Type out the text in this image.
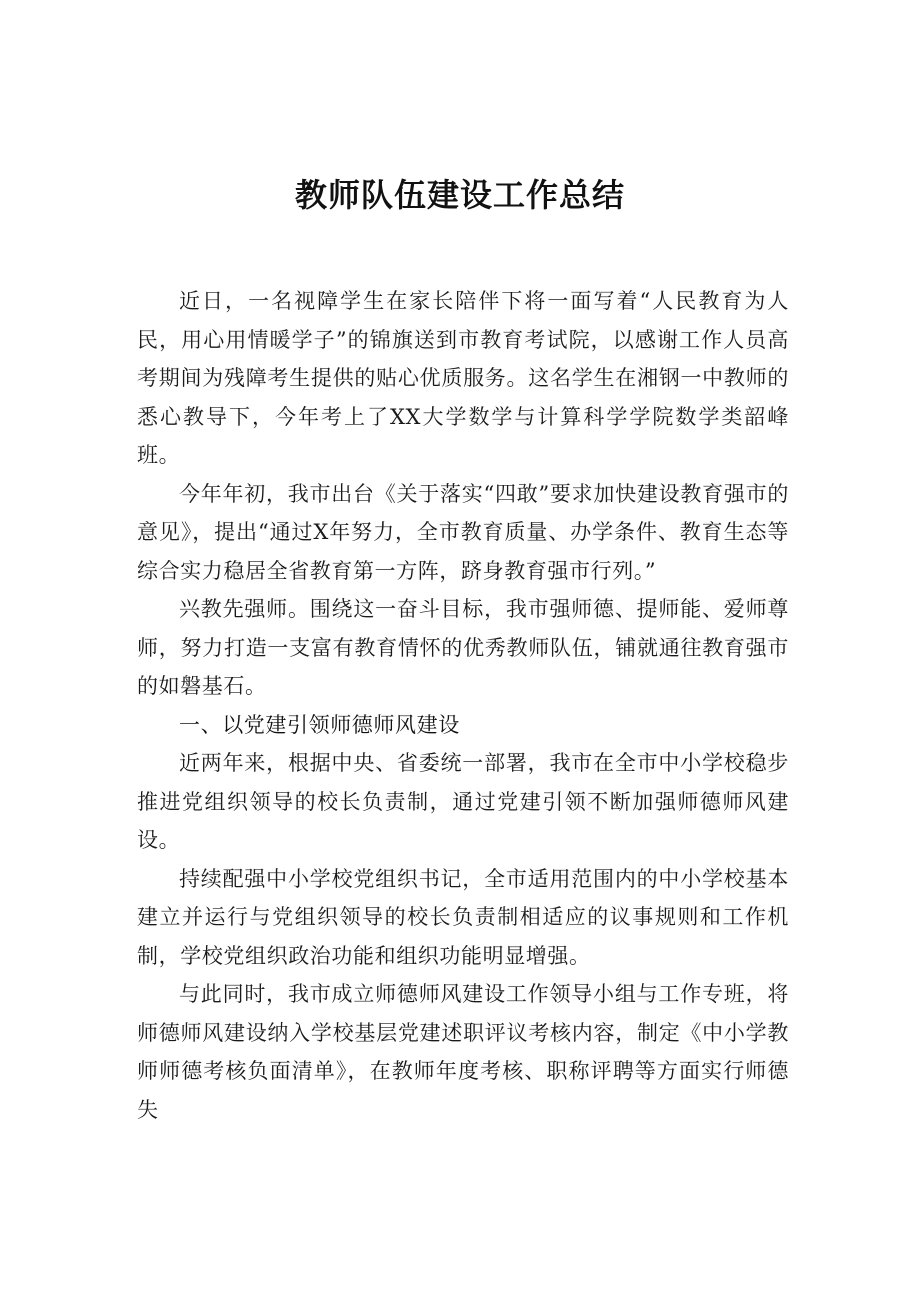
教师队伍建设工作总结

近日，一名视障学生在家长陪伴下将一面写着“人民教育为人民，用心用情暖学子”的锦旗送到市教育考试院，以感谢工作人员高考期间为残障考生提供的贴心优质服务。这名学生在湘钢一中教师的悉心教导下，今年考上了XX大学数学与计算科学学院数学类韶峰班。

今年年初，我市出台《关于落实“四敢”要求加快建设教育强市的意见》，提出“通过X年努力，全市教育质量、办学条件、教育生态等综合实力稳居全省教育第一方阵，跻身教育强市行列。”

兴教先强师。围绕这一奋斗目标，我市强师德、提师能、爱师尊师，努力打造一支富有教育情怀的优秀教师队伍，铺就通往教育强市的如磐基石。

一、以党建引领师德师风建设

近两年来，根据中央、省委统一部署，我市在全市中小学校稳步推进党组织领导的校长负责制，通过党建引领不断加强师德师风建设。

持续配强中小学校党组织书记，全市适用范围内的中小学校基本建立并运行与党组织领导的校长负责制相适应的议事规则和工作机制，学校党组织政治功能和组织功能明显增强。

与此同时，我市成立师德师风建设工作领导小组与工作专班，将师德师风建设纳入学校基层党建述职评议考核内容，制定《中小学教师师德考核负面清单》，在教师年度考核、职称评聘等方面实行师德失
